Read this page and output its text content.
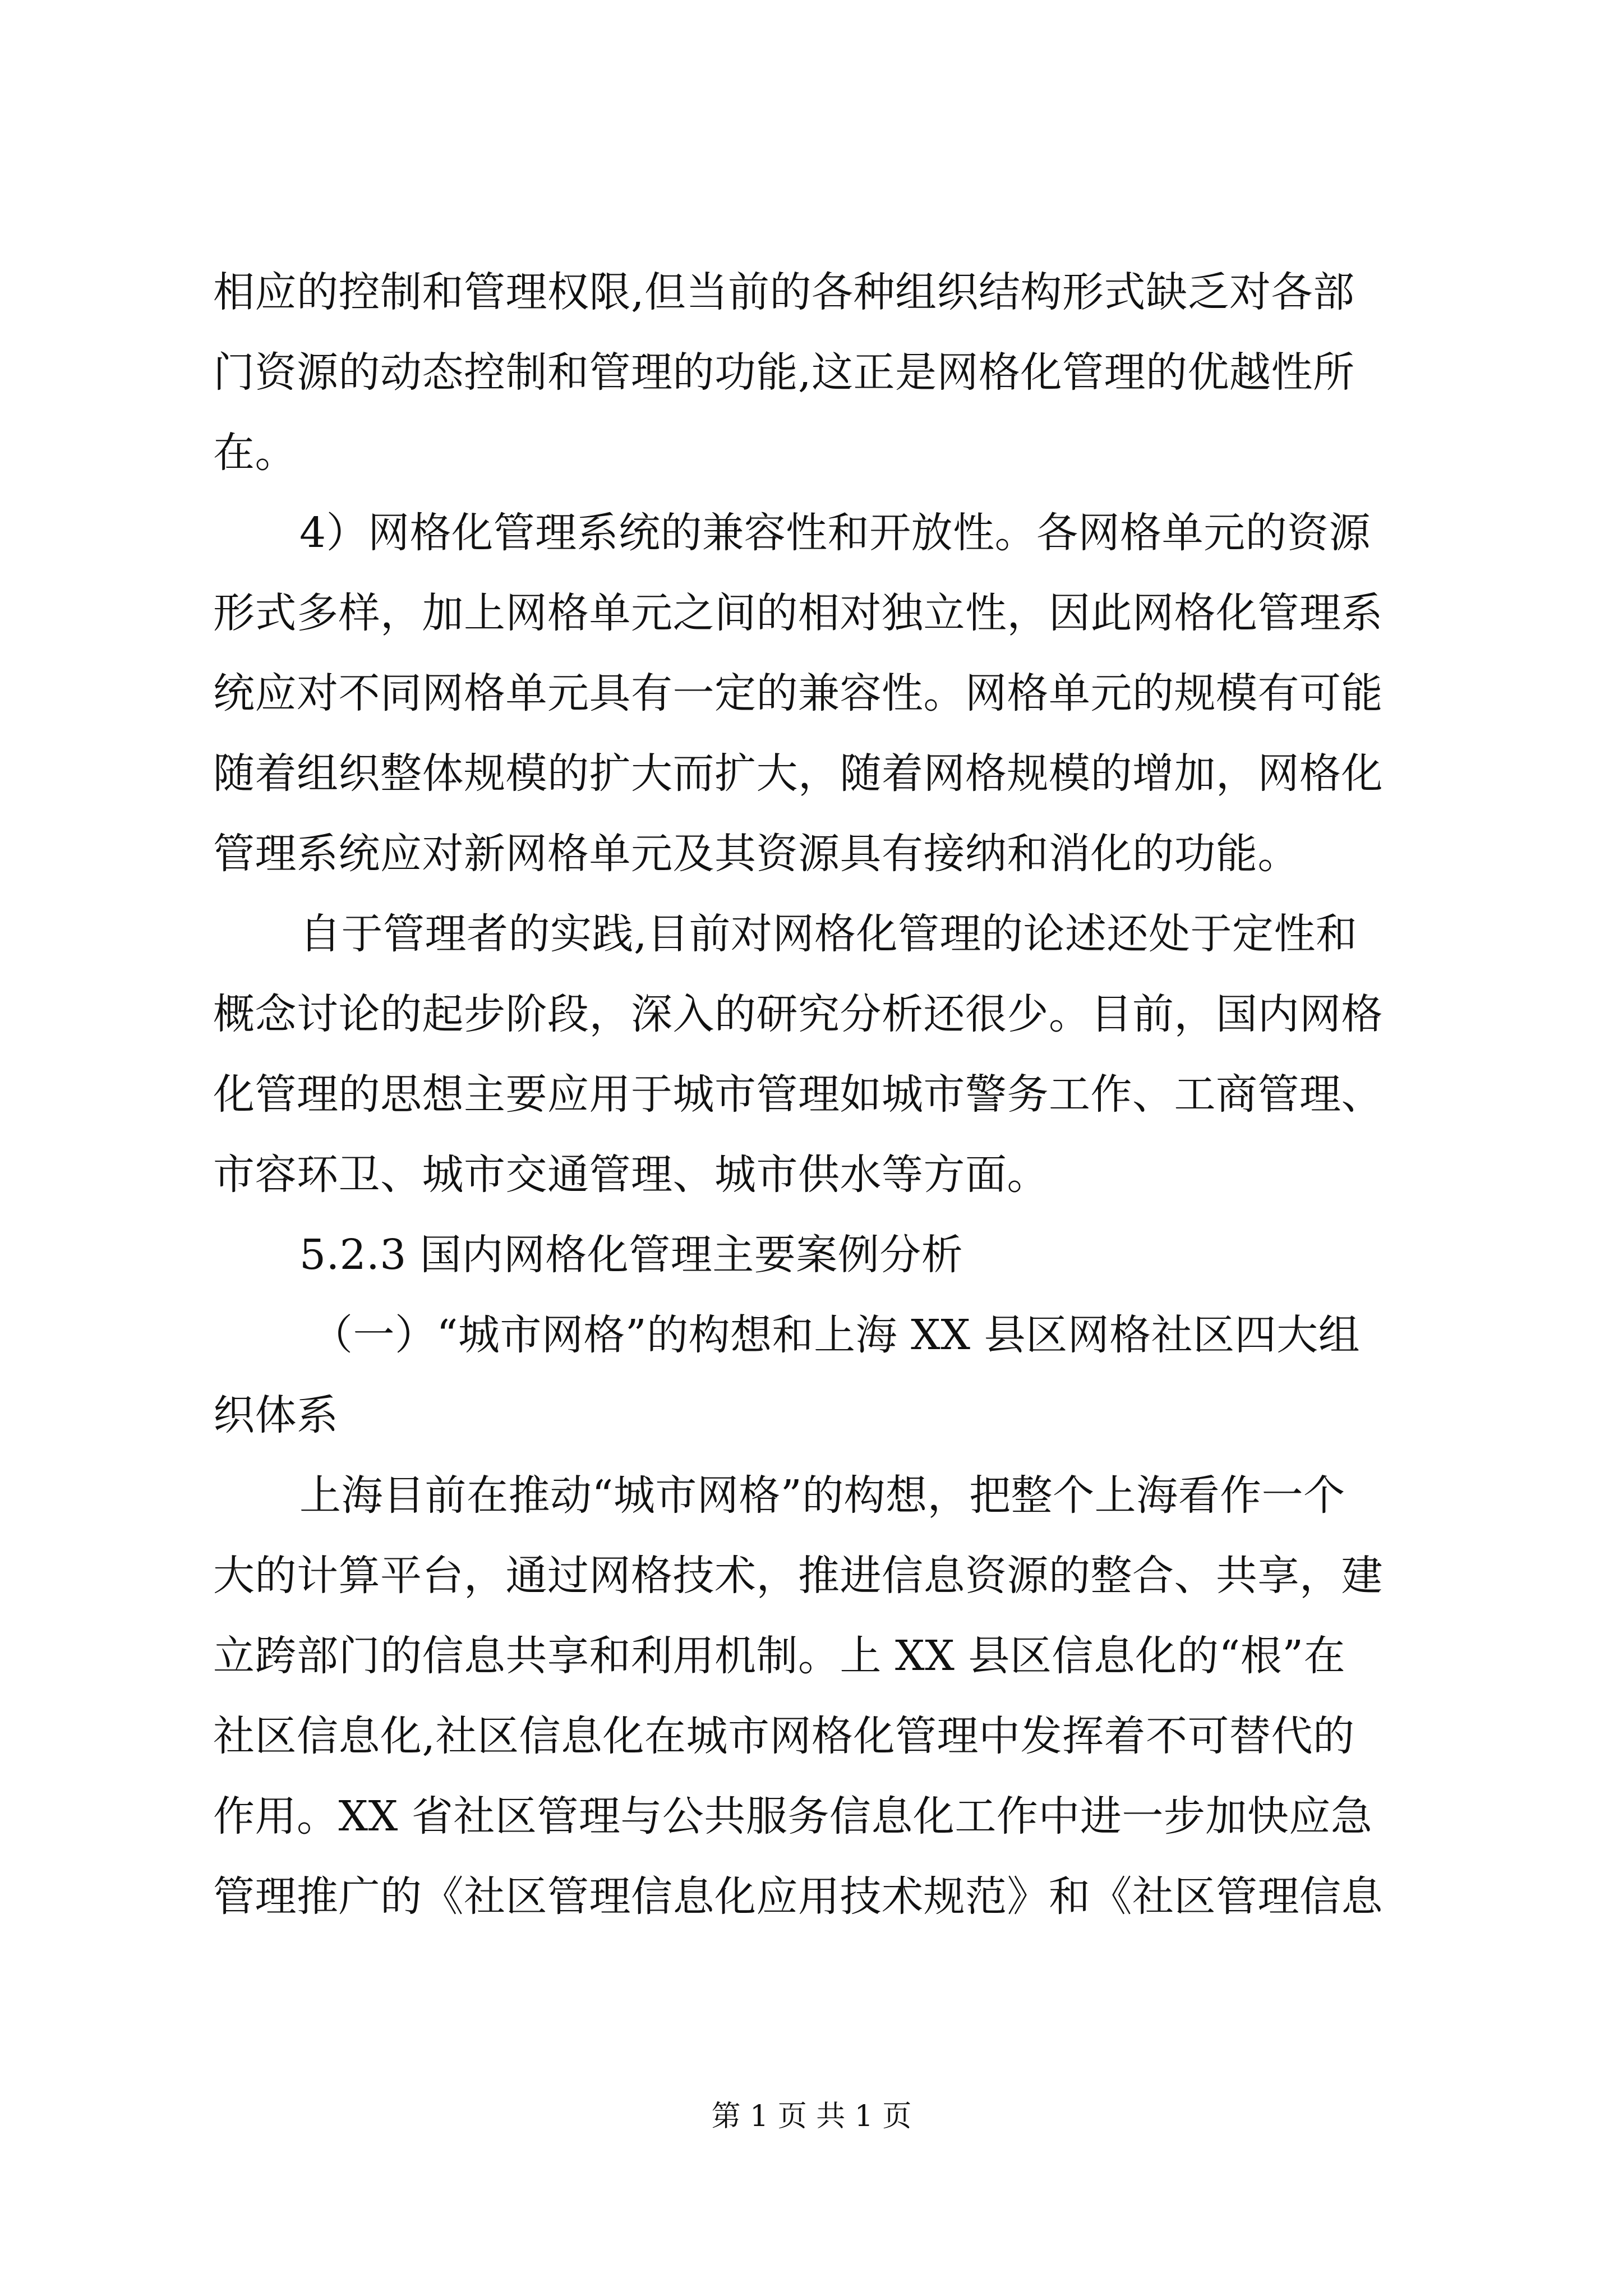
相应的控制和管理权限,但当前的各种组织结构形式缺乏对各部
门资源的动态控制和管理的功能,这正是网格化管理的优越性所
在。
4）网格化管理系统的兼容性和开放性。各网格单元的资源
形式多样，加上网格单元之间的相对独立性，因此网格化管理系
统应对不同网格单元具有一定的兼容性。网格单元的规模有可能
随着组织整体规模的扩大而扩大，随着网格规模的增加，网格化
管理系统应对新网格单元及其资源具有接纳和消化的功能。
自于管理者的实践,目前对网格化管理的论述还处于定性和
概念讨论的起步阶段，深入的研究分析还很少。目前，国内网格
化管理的思想主要应用于城市管理如城市警务工作、工商管理、
市容环卫、城市交通管理、城市供水等方面。
5.2.3 国内网格化管理主要案例分析
（一）“城市网格”的构想和上海 XX 县区网格社区四大组
织体系
上海目前在推动“城市网格”的构想，把整个上海看作一个
大的计算平台，通过网格技术，推进信息资源的整合、共享，建
立跨部门的信息共享和利用机制。上 XX 县区信息化的“根”在
社区信息化,社区信息化在城市网格化管理中发挥着不可替代的
作用。XX 省社区管理与公共服务信息化工作中进一步加快应急
管理推广的《社区管理信息化应用技术规范》和《社区管理信息
第 1 页 共 1 页
